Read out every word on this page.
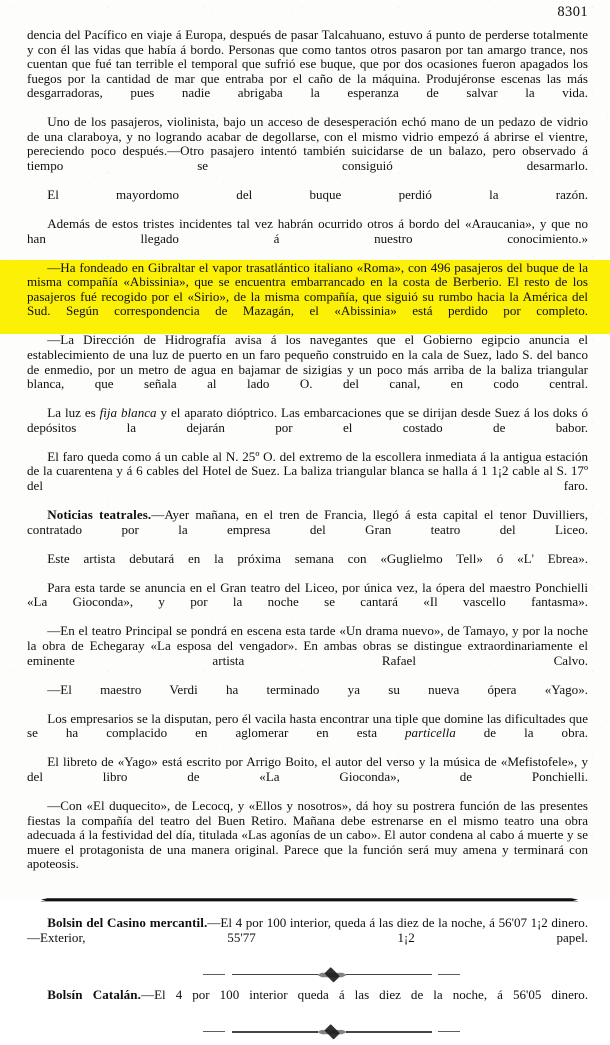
8301

dencia del Pacífico en viaje á Europa, después de pasar Talcahuano, estuvo á punto de perderse totalmente y con él las vidas que había á bordo. Personas que como tantos otros pasaron por tan amargo trance, nos cuentan que fué tan terrible el temporal que sufrió ese buque, que por dos ocasiones fueron apagados los fuegos por la cantidad de mar que entraba por el caño de la máquina. Produjéronse escenas las más desgarradoras, pues nadie abrigaba la esperanza de salvar la vida.

Uno de los pasajeros, violinista, bajo un acceso de desesperación echó mano de un pedazo de vidrio de una claraboya, y no logrando acabar de degollarse, con el mismo vidrio empezó á abrirse el vientre, pereciendo poco después.—Otro pasajero intentó también suicidarse de un balazo, pero observado á tiempo se consiguió desarmarlo.

El mayordomo del buque perdió la razón.

Además de estos tristes incidentes tal vez habrán ocurrido otros á bordo del «Araucania», y que no han llegado á nuestro conocimiento.»

—Ha fondeado en Gibraltar el vapor trasatlántico italiano «Roma», con 496 pasajeros del buque de la misma compañía «Abissinia», que se encuentra embarrancado en la costa de Berberio. El resto de los pasajeros fué recogido por el «Sirio», de la misma compañía, que siguió su rumbo hacia la América del Sud. Según correspondencia de Mazagán, el «Abissinia» está perdido por completo.

—La Dirección de Hidrografía avisa á los navegantes que el Gobierno egipcio anuncia el establecimiento de una luz de puerto en un faro pequeño construido en la cala de Suez, lado S. del banco de enmedio, por un metro de agua en bajamar de sizigias y un poco más arriba de la baliza triangular blanca, que señala al lado O. del canal, en codo central.

La luz es fija blanca y el aparato dióptrico. Las embarcaciones que se dirijan desde Suez á los doks ó depósitos la dejarán por el costado de babor.

El faro queda como á un cable al N. 25º O. del extremo de la escollera inmediata á la antigua estación de la cuarentena y á 6 cables del Hotel de Suez. La baliza triangular blanca se halla á 1 1¡2 cable al S. 17º del faro.

Noticias teatrales.—Ayer mañana, en el tren de Francia, llegó á esta capital el tenor Duvilliers, contratado por la empresa del Gran teatro del Liceo.

Este artista debutará en la próxima semana con «Guglielmo Tell» ó «L' Ebrea».

Para esta tarde se anuncia en el Gran teatro del Liceo, por única vez, la ópera del maestro Ponchielli «La Gioconda», y por la noche se cantará «Il vascello fantasma».

—En el teatro Principal se pondrá en escena esta tarde «Un drama nuevo», de Tamayo, y por la noche la obra de Echegaray «La esposa del vengador». En ambas obras se distingue extraordinariamente el eminente artista Rafael Calvo.

—El maestro Verdi ha terminado ya su nueva ópera «Yago».

Los empresarios se la disputan, pero él vacila hasta encontrar una tiple que domine las dificultades que se ha complacido en aglomerar en esta particella de la obra.

El libreto de «Yago» está escrito por Arrigo Boito, el autor del verso y la música de «Mefistofele», y del libro de «La Gioconda», de Ponchielli.

—Con «El duquecito», de Lecocq, y «Ellos y nosotros», dá hoy su postrera función de las presentes fiestas la compañía del teatro del Buen Retiro. Mañana debe estrenarse en el mismo teatro una obra adecuada á la festividad del día, titulada «Las agonías de un cabo». El autor condena al cabo á muerte y se muere el protagonista de una manera original. Parece que la función será muy amena y terminará con apoteosis.

Bolsin del Casino mercantil.—El 4 por 100 interior, queda á las diez de la noche, á 56'07 1¡2 dinero.—Exterior, 55'77 1¡2 papel.

Bolsín Catalán.—El 4 por 100 interior queda á las diez de la noche, á 56'05 dinero.
